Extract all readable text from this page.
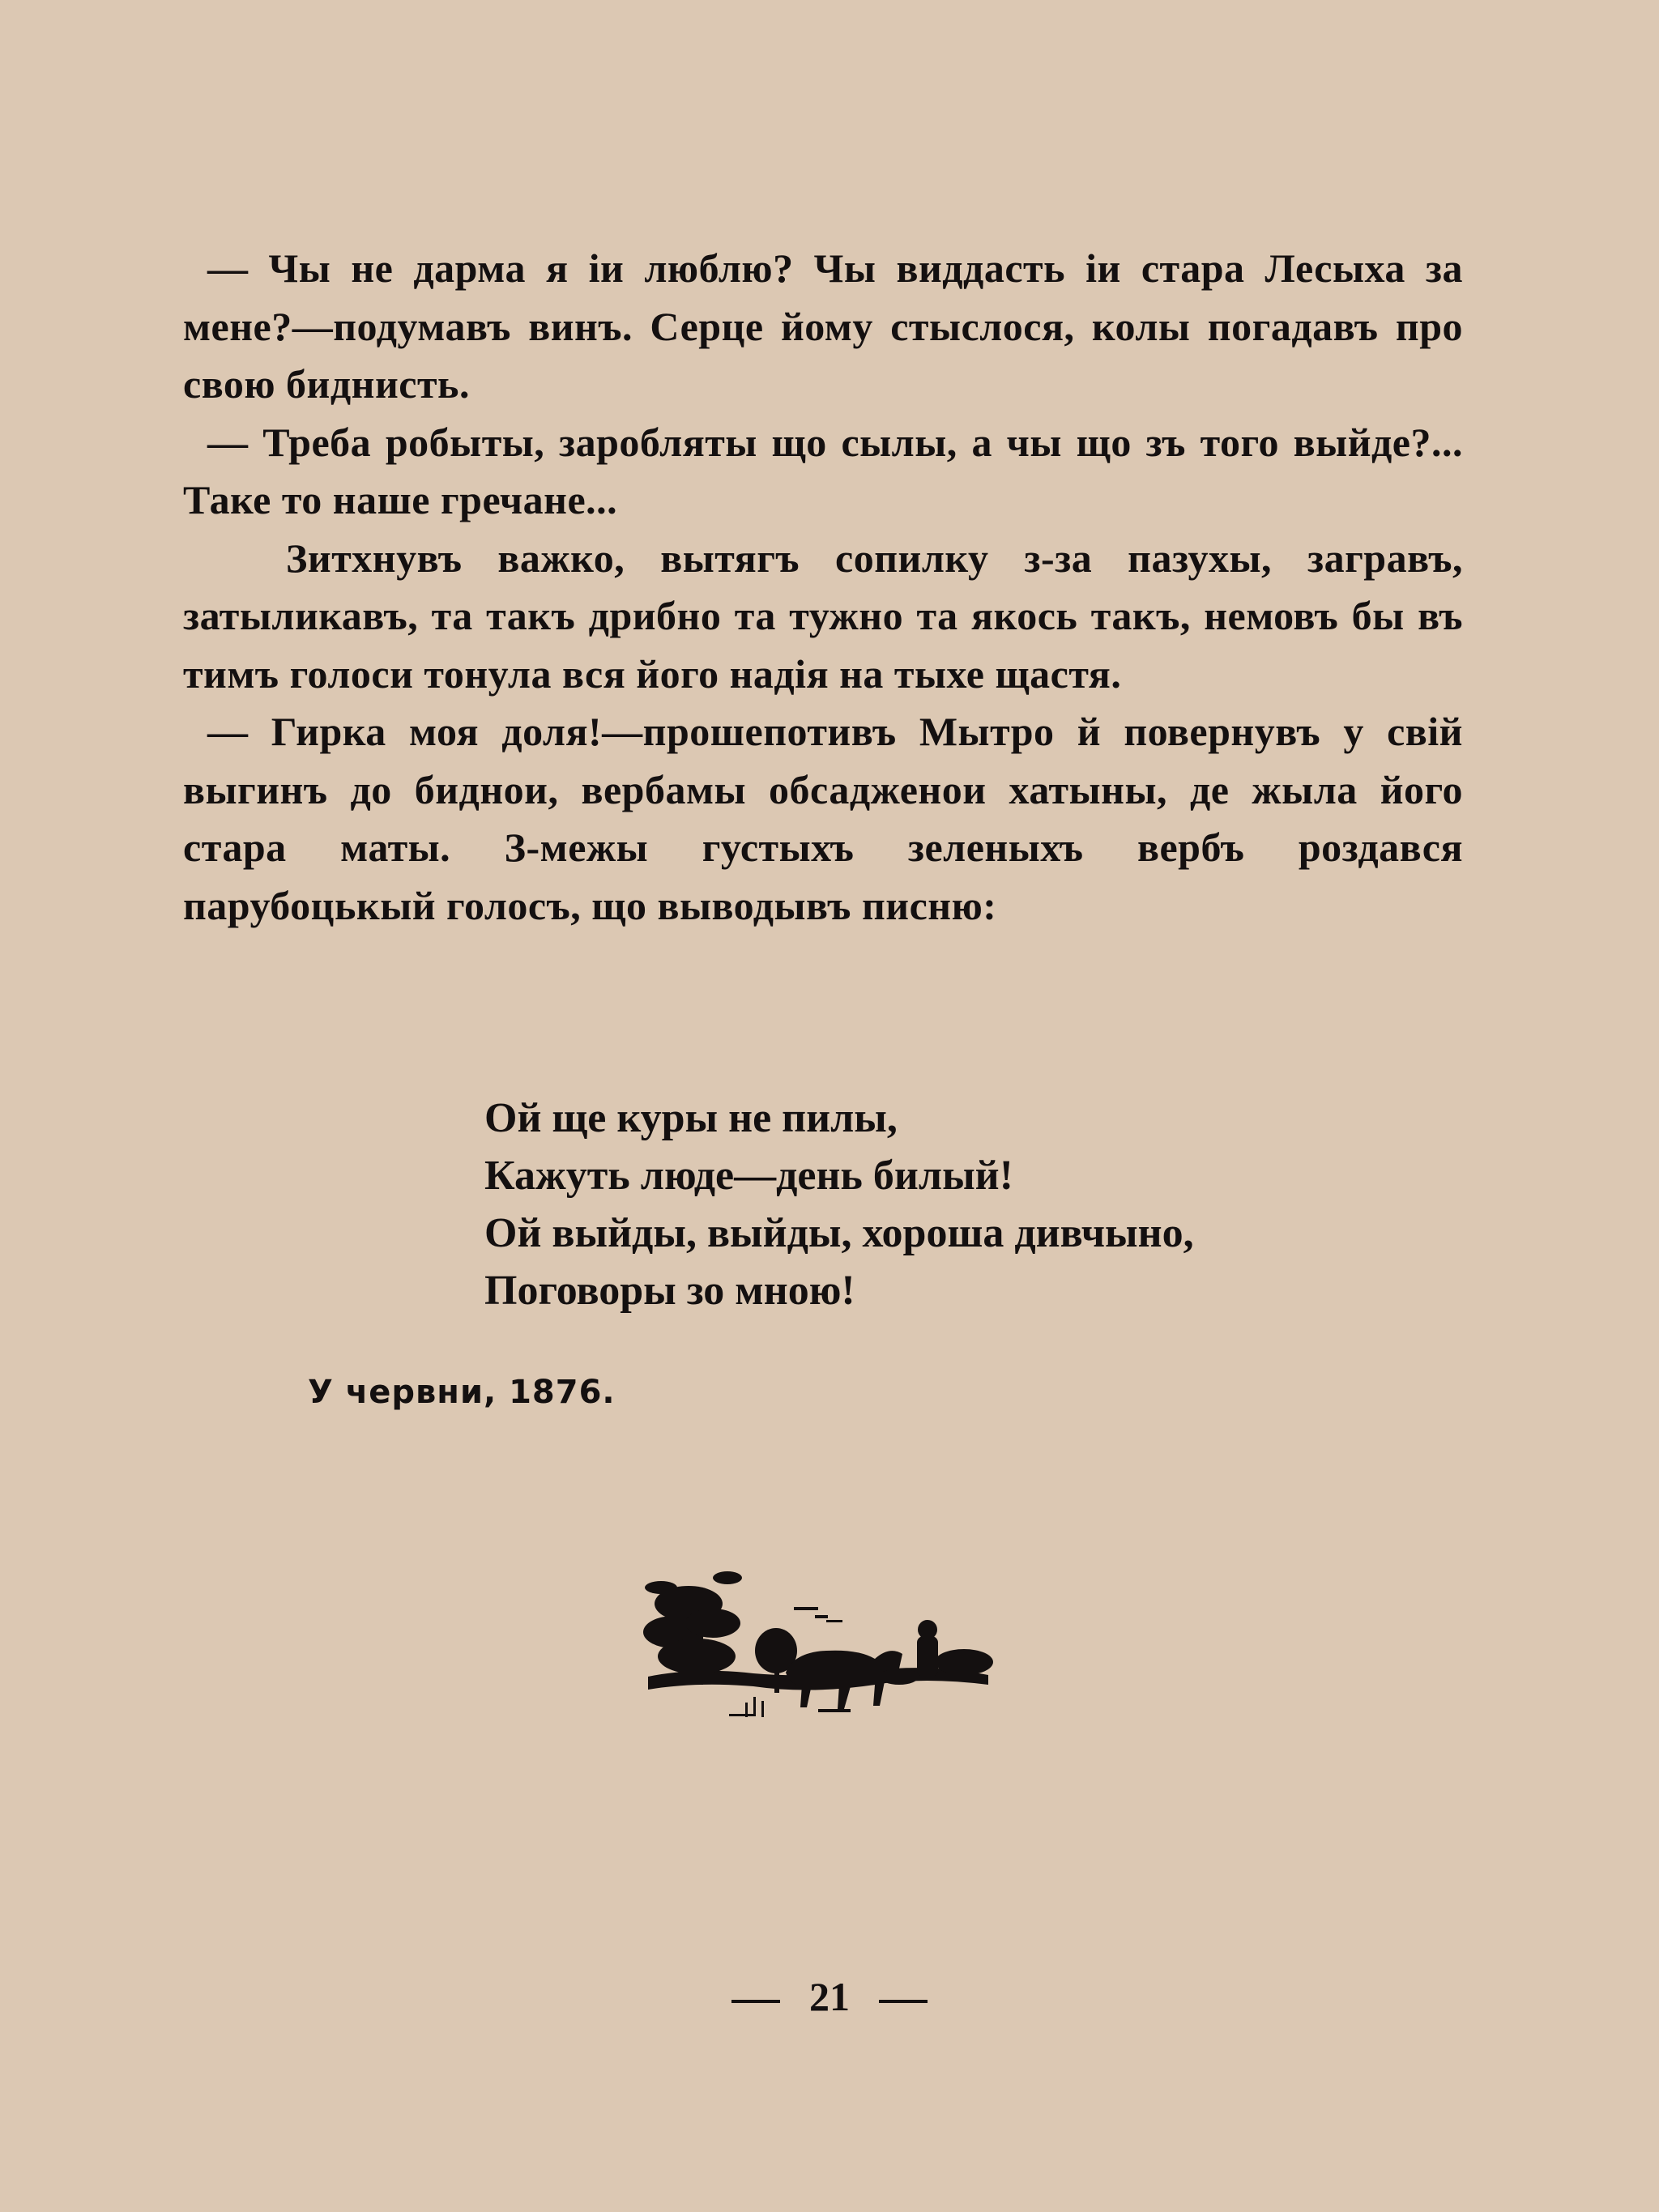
— Чы не дарма я іи люблю? Чы виддасть іи стара Лесыха за мене?—подумавъ винъ. Серце йому стыслося, колы погадавъ про свою биднисть.

— Треба робыты, заробляты що сылы, а чы що зъ того выйде?... Таке то наше гречане...

Зитхнувъ важко, вытягъ сопилку з-за пазухы, загравъ, затыликавъ, та такъ дрибно та тужно та якось такъ, немовъ бы въ тимъ голоси тонула вся його надія на тыхе щастя.

— Гирка моя доля!—прошепотивъ Мытро й повернувъ у свій выгинъ до биднои, вербамы обсадженои хатыны, де жыла його стара маты. З-межы густыхъ зеленыхъ вербъ роздався парубоцькый голосъ, що выводывъ писню:

Ой ще куры не пилы,
Кажуть люде—день билый!
Ой выйды, выйды, хороша дивчыно,
Поговоры зо мною!
У червни, 1876.
21
